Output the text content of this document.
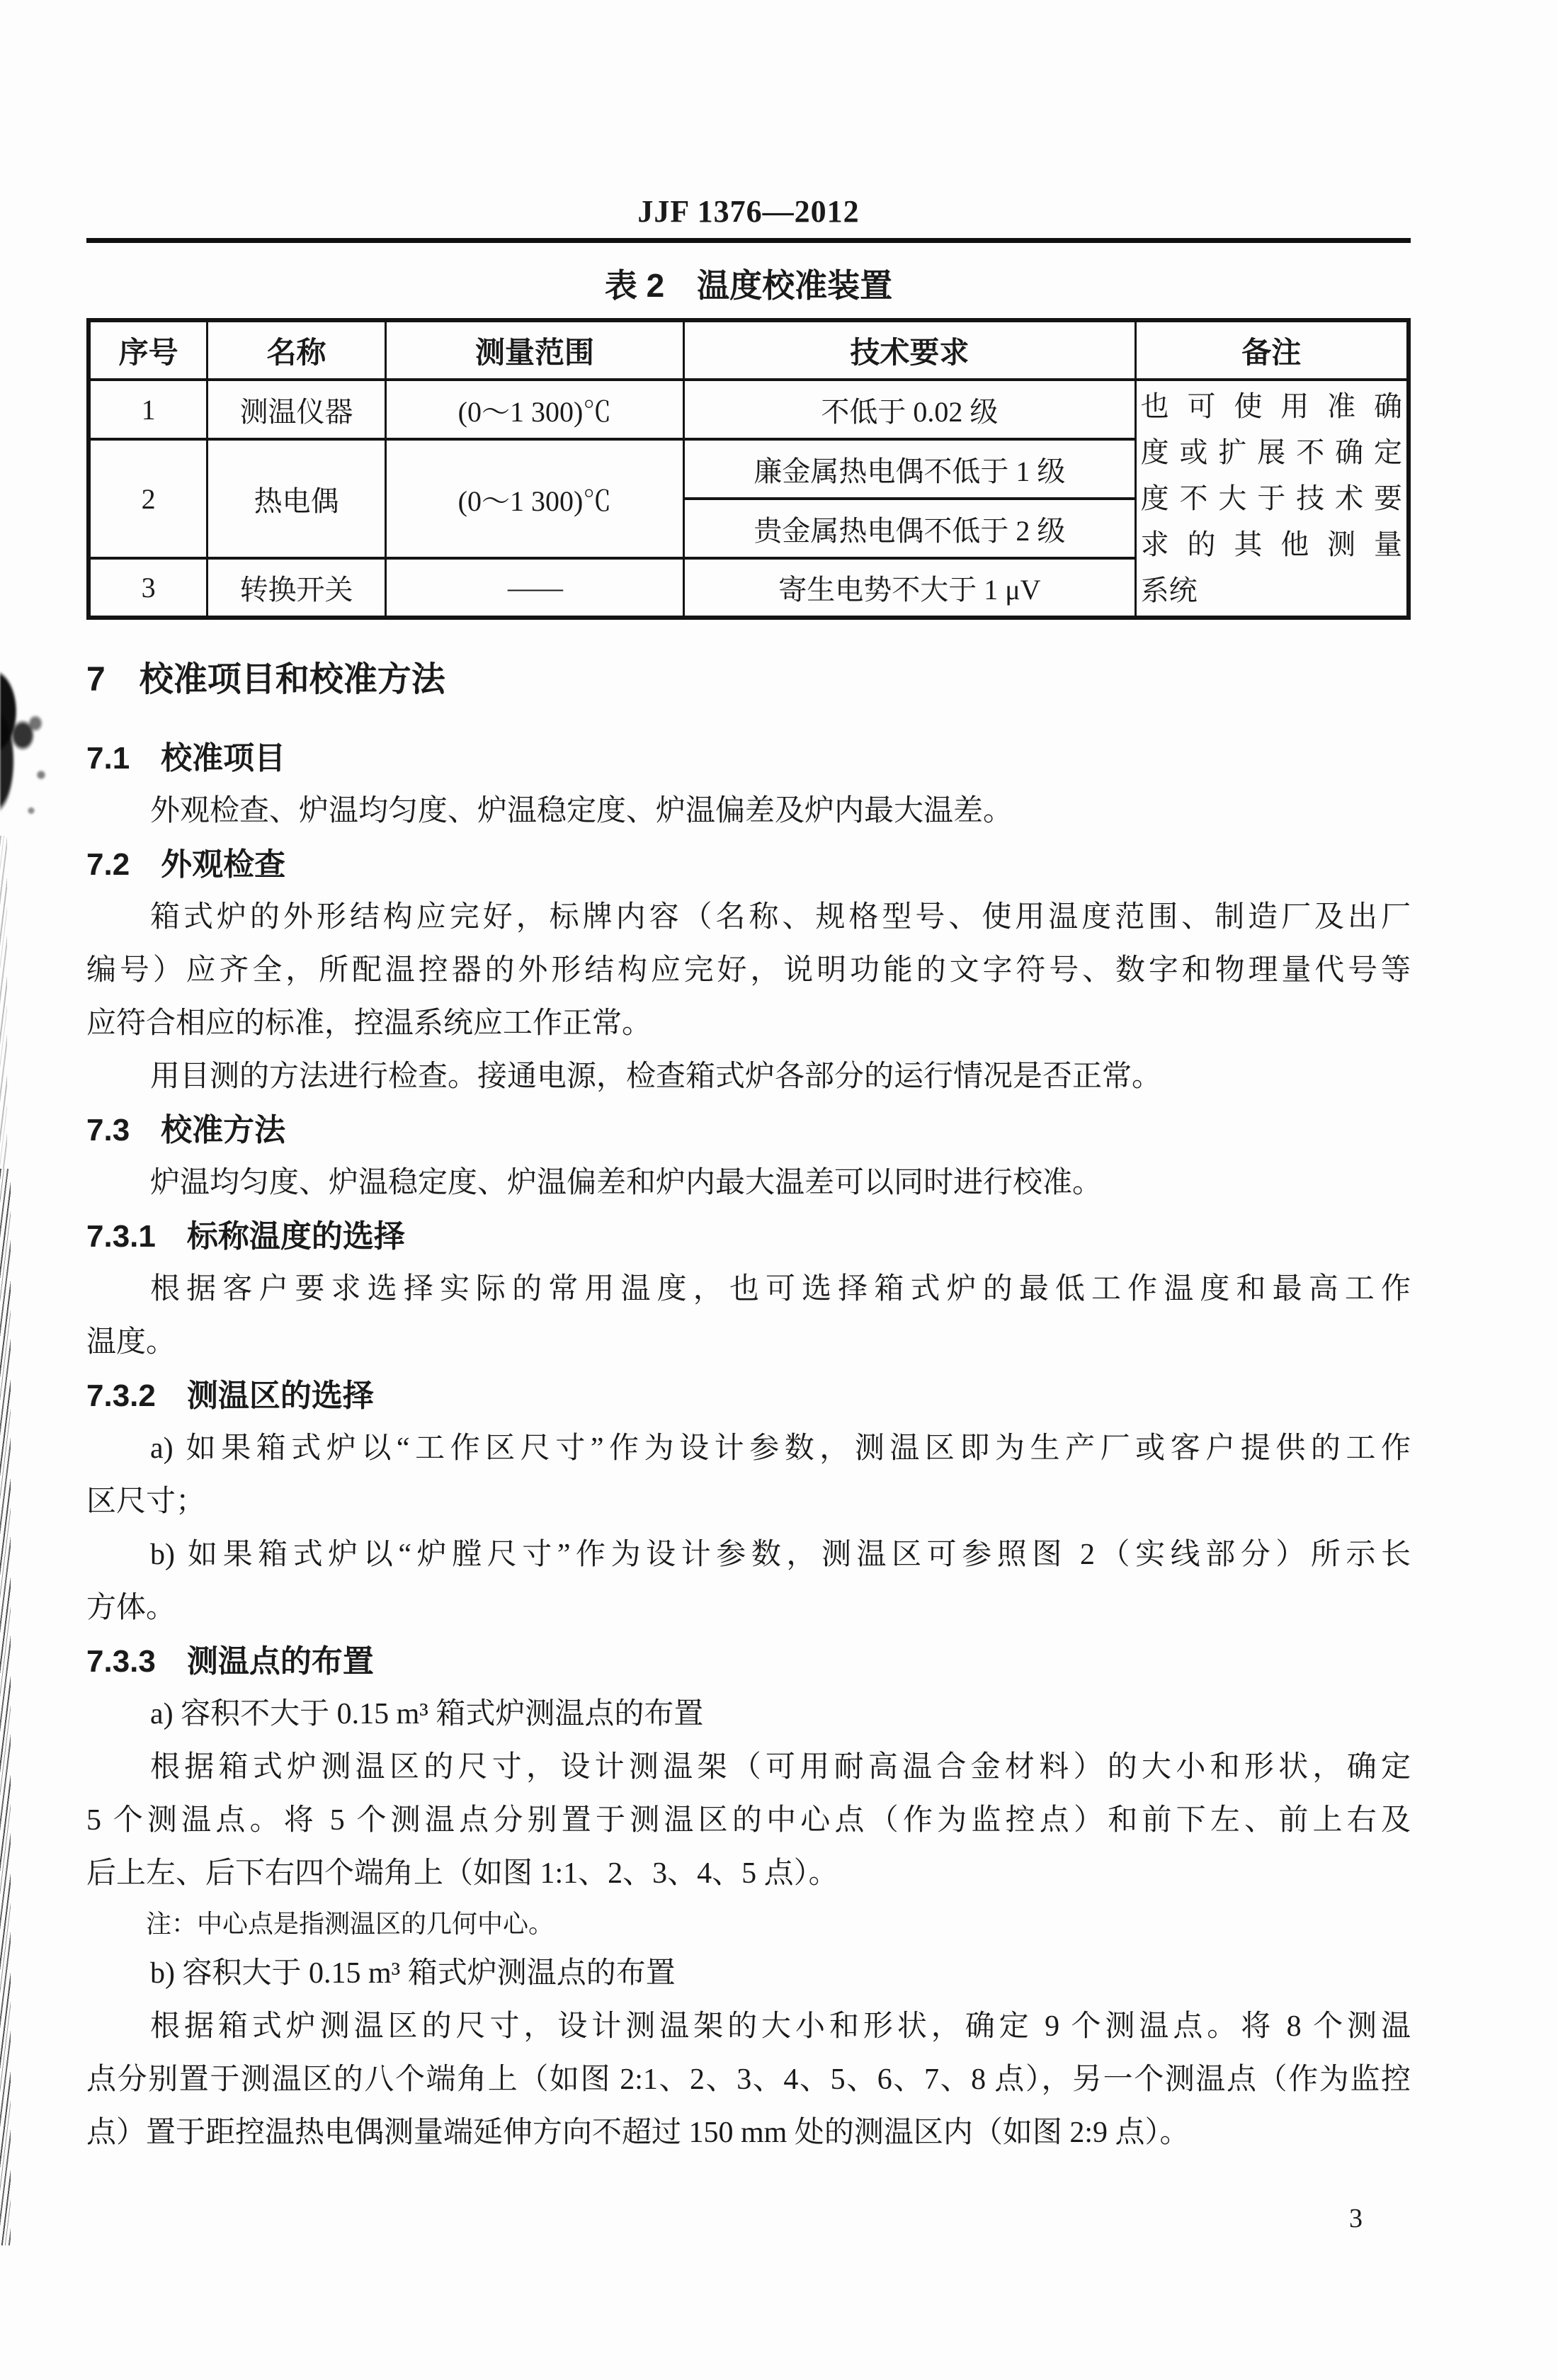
JJF 1376—2012
表 2　温度校准装置
序号	名称	测量范围	技术要求	备注
1	测温仪器	(0～1 300)℃	不低于 0.02 级	也可使用准确
度或扩展不确定
度不大于技术要
求的其他测量
系统

2	热电偶	(0～1 300)℃	廉金属热电偶不低于 1 级	
			贵金属热电偶不低于 2 级	
3	转换开关	——	寄生电势不大于 1 μV	
7　校准项目和校准方法
7.1　校准项目
外观检查、炉温均匀度、炉温稳定度、炉温偏差及炉内最大温差。
7.2　外观检查
箱式炉的外形结构应完好，标牌内容（名称、规格型号、使用温度范围、制造厂及出厂
编号）应齐全，所配温控器的外形结构应完好，说明功能的文字符号、数字和物理量代号等
应符合相应的标准，控温系统应工作正常。
用目测的方法进行检查。接通电源，检查箱式炉各部分的运行情况是否正常。
7.3　校准方法
炉温均匀度、炉温稳定度、炉温偏差和炉内最大温差可以同时进行校准。
7.3.1　标称温度的选择
根据客户要求选择实际的常用温度，也可选择箱式炉的最低工作温度和最高工作
温度。
7.3.2　测温区的选择
a) 如果箱式炉以“工作区尺寸”作为设计参数，测温区即为生产厂或客户提供的工作
区尺寸；
b) 如果箱式炉以“炉膛尺寸”作为设计参数，测温区可参照图 2（实线部分）所示长
方体。
7.3.3　测温点的布置
a) 容积不大于 0.15 m³ 箱式炉测温点的布置
根据箱式炉测温区的尺寸，设计测温架（可用耐高温合金材料）的大小和形状，确定
5 个测温点。将 5 个测温点分别置于测温区的中心点（作为监控点）和前下左、前上右及
后上左、后下右四个端角上（如图 1:1、2、3、4、5 点）。
注：中心点是指测温区的几何中心。
b) 容积大于 0.15 m³ 箱式炉测温点的布置
根据箱式炉测温区的尺寸，设计测温架的大小和形状，确定 9 个测温点。将 8 个测温
点分别置于测温区的八个端角上（如图 2:1、2、3、4、5、6、7、8 点），另一个测温点（作为监控
点）置于距控温热电偶测量端延伸方向不超过 150 mm 处的测温区内（如图 2:9 点）。
3
